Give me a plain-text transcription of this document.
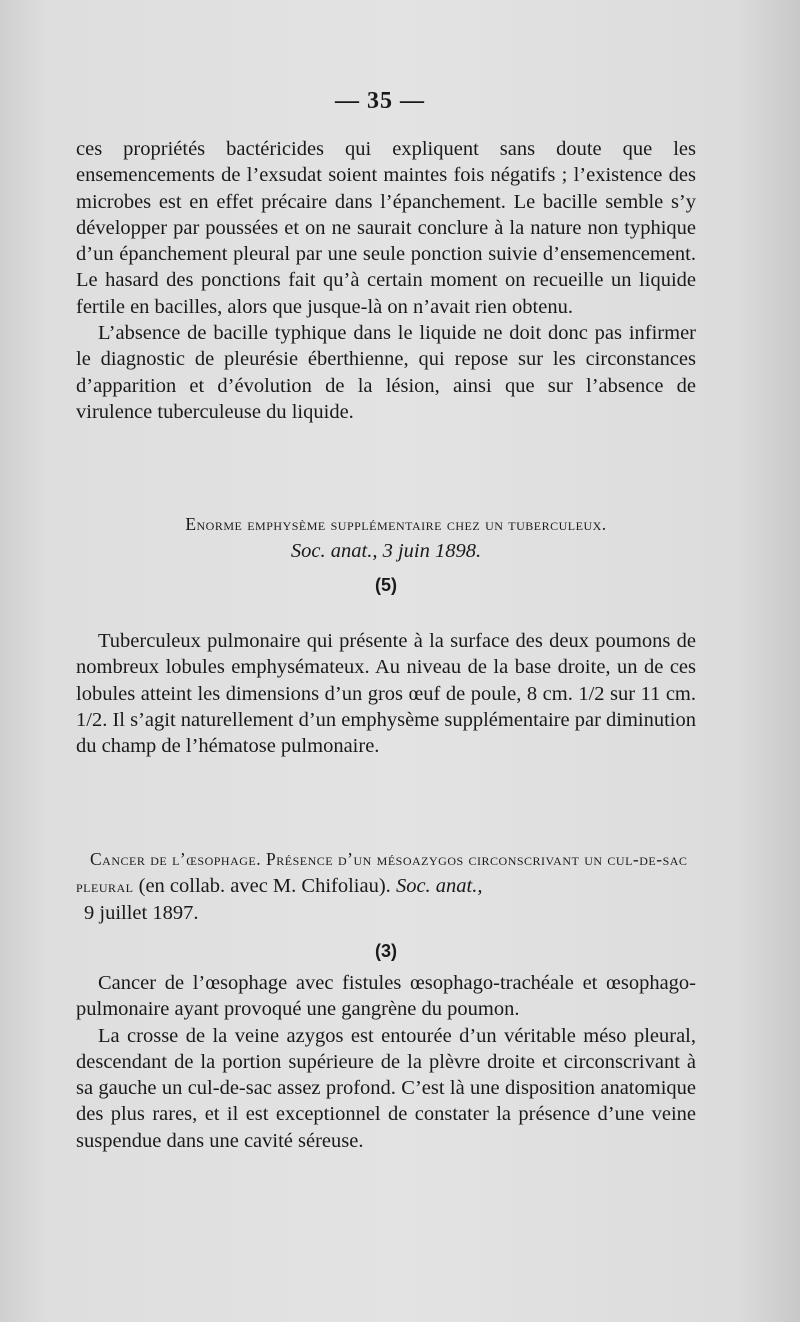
— 35 —

ces propriétés bactéricides qui expliquent sans doute que les ensemencements de l’exsudat soient maintes fois négatifs ; l’existence des microbes est en effet précaire dans l’épanchement. Le bacille semble s’y développer par poussées et on ne saurait conclure à la nature non typhique d’un épanchement pleural par une seule ponction suivie d’ensemencement. Le hasard des ponctions fait qu’à certain moment on recueille un liquide fertile en bacilles, alors que jusque-là on n’avait rien obtenu.

L’absence de bacille typhique dans le liquide ne doit donc pas infirmer le diagnostic de pleurésie éberthienne, qui repose sur les circonstances d’apparition et d’évolution de la lésion, ainsi que sur l’absence de virulence tuberculeuse du liquide.

Enorme emphysème supplémentaire chez un tuberculeux.

Soc. anat., 3 juin 1898.

(5)

Tuberculeux pulmonaire qui présente à la surface des deux poumons de nombreux lobules emphysémateux. Au niveau de la base droite, un de ces lobules atteint les dimensions d’un gros œuf de poule, 8 cm. 1/2 sur 11 cm. 1/2. Il s’agit naturellement d’un emphysème supplémentaire par diminution du champ de l’hématose pulmonaire.

Cancer de l’œsophage. Présence d’un mésoazygos circonscrivant un cul-de-sac pleural (en collab. avec M. Chifoliau). Soc. anat.,
9 juillet 1897.

(3)

Cancer de l’œsophage avec fistules œsophago-trachéale et œsophago-pulmonaire ayant provoqué une gangrène du poumon.

La crosse de la veine azygos est entourée d’un véritable méso pleural, descendant de la portion supérieure de la plèvre droite et circonscrivant à sa gauche un cul-de-sac assez profond. C’est là une disposition anatomique des plus rares, et il est exceptionnel de constater la présence d’une veine suspendue dans une cavité séreuse.
